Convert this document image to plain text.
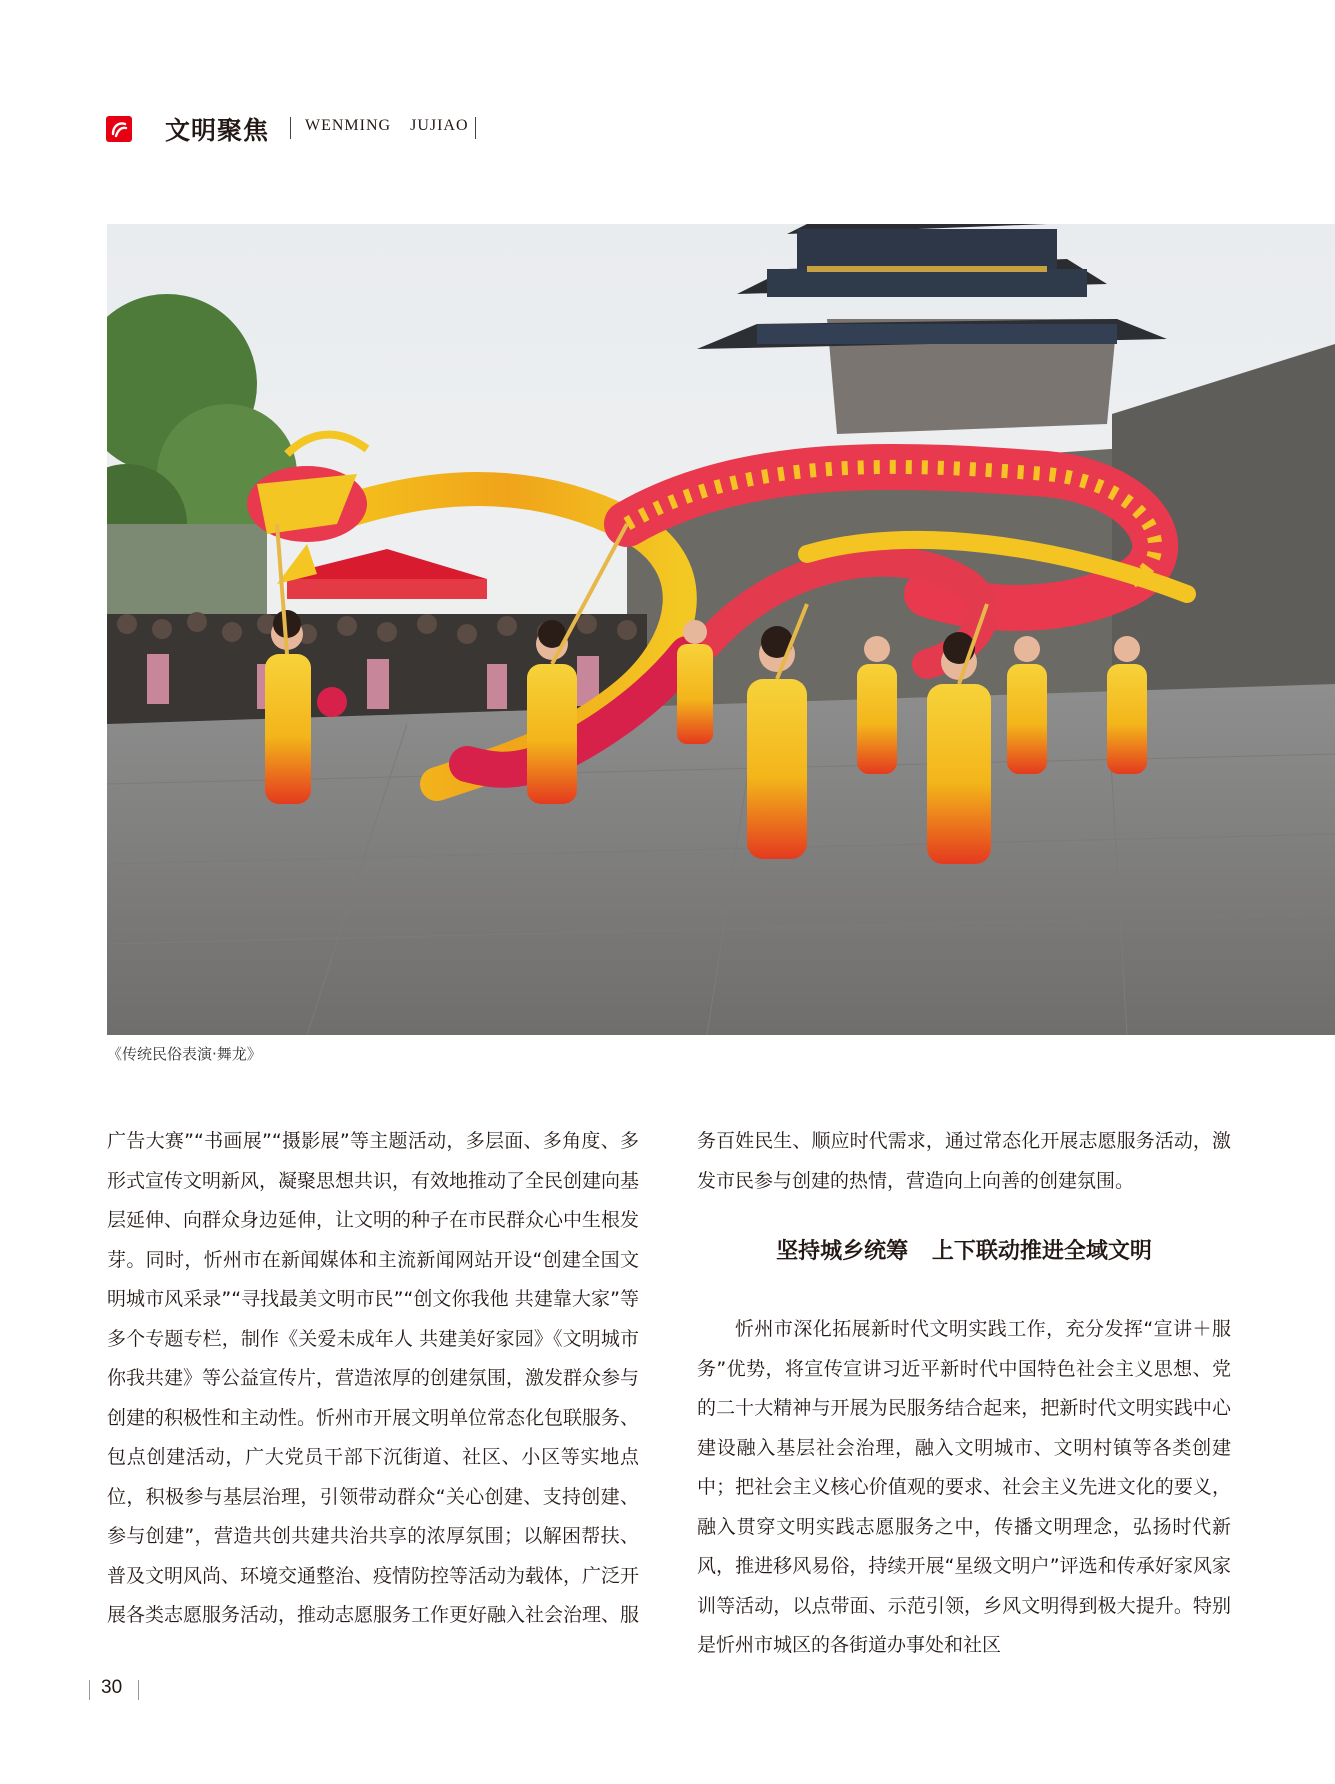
文明聚焦 WENMING JUJIAO
《传统民俗表演·舞龙》

广告大赛”“书画展”“摄影展”等主题活动，多层面、多角度、多形式宣传文明新风，凝聚思想共识，有效地推动了全民创建向基层延伸、向群众身边延伸，让文明的种子在市民群众心中生根发芽。同时，忻州市在新闻媒体和主流新闻网站开设“创建全国文明城市风采录”“寻找最美文明市民”“创文你我他 共建靠大家”等多个专题专栏，制作《关爱未成年人 共建美好家园》《文明城市 你我共建》等公益宣传片，营造浓厚的创建氛围，激发群众参与创建的积极性和主动性。忻州市开展文明单位常态化包联服务、包点创建活动，广大党员干部下沉街道、社区、小区等实地点位，积极参与基层治理，引领带动群众“关心创建、支持创建、参与创建”，营造共创共建共治共享的浓厚氛围；以解困帮扶、普及文明风尚、环境交通整治、疫情防控等活动为载体，广泛开展各类志愿服务活动，推动志愿服务工作更好融入社会治理、服

务百姓民生、顺应时代需求，通过常态化开展志愿服务活动，激发市民参与创建的热情，营造向上向善的创建氛围。

坚持城乡统筹 上下联动推进全域文明

忻州市深化拓展新时代文明实践工作，充分发挥“宣讲＋服务”优势，将宣传宣讲习近平新时代中国特色社会主义思想、党的二十大精神与开展为民服务结合起来，把新时代文明实践中心建设融入基层社会治理，融入文明城市、文明村镇等各类创建中；把社会主义核心价值观的要求、社会主义先进文化的要义，融入贯穿文明实践志愿服务之中，传播文明理念，弘扬时代新风，推进移风易俗，持续开展“星级文明户”评选和传承好家风家训等活动，以点带面、示范引领，乡风文明得到极大提升。特别是忻州市城区的各街道办事处和社区

30
